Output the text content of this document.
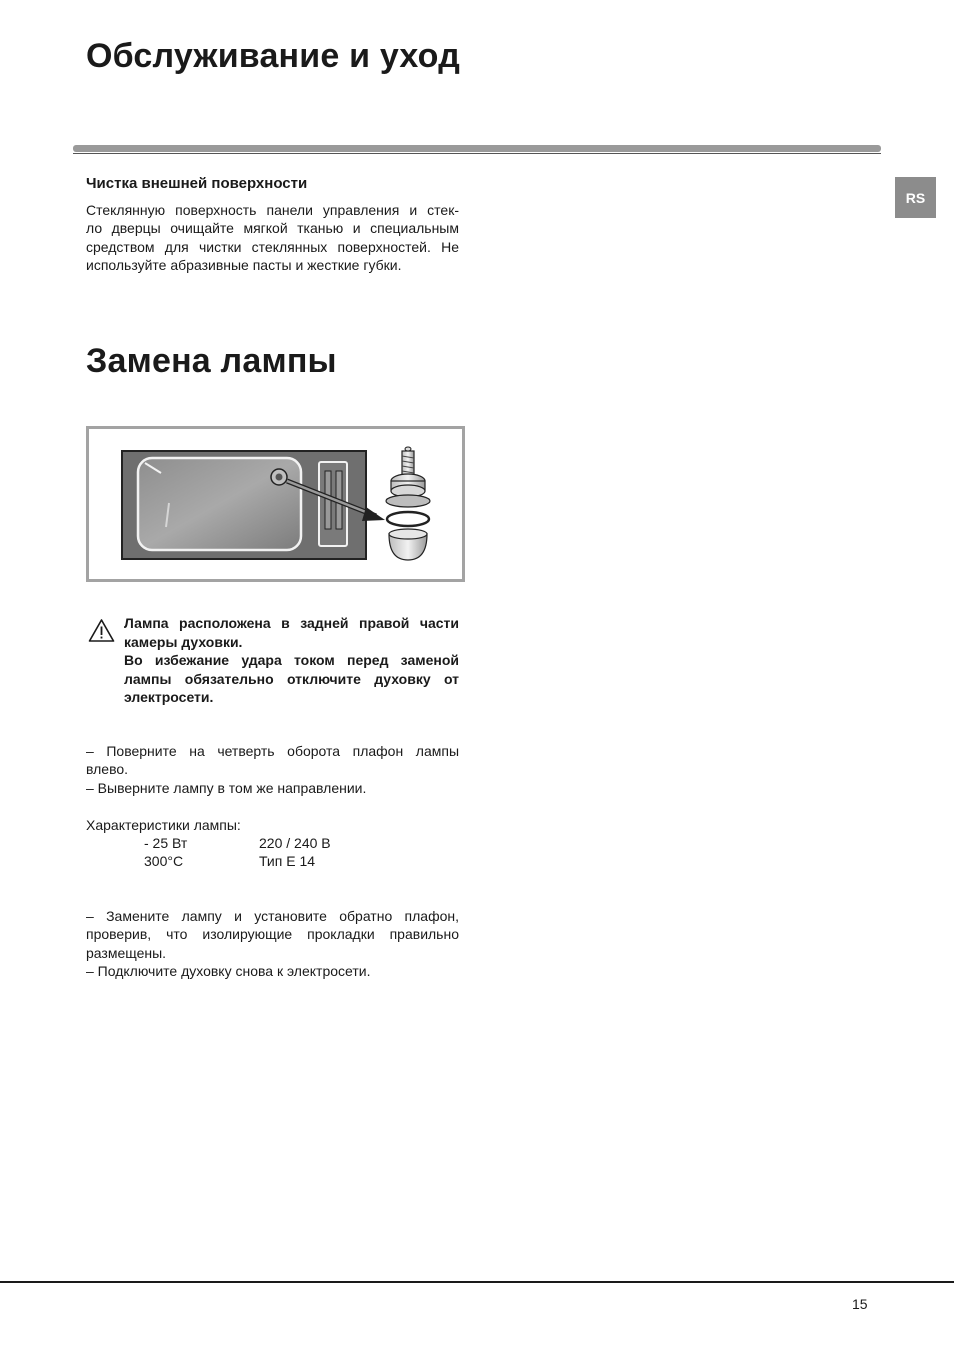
Обслуживание и уход
RS
Чистка внешней поверхности
Стеклянную поверхность панели управления и стек-
ло дверцы очищайте мягкой тканью и специальным
средством для чистки стеклянных поверхностей. Не
используйте абразивные пасты и жесткие губки.
Замена лампы
Лампа расположена в задней правой части
камеры духовки.
Во избежание удара током перед заменой
лампы обязательно отключите духовку от
электросети.

– Поверните на четверть оборота плафон лампы

влево.

– Выверните лампу в том же направлении.

Характеристики лампы:
- 25 Вт	220 / 240 В
300°C	Тип Е 14

– Замените лампу и установите обратно плафон,

проверив, что изолирующие прокладки правильно

размещены.

– Подключите духовку снова к электросети.

15
